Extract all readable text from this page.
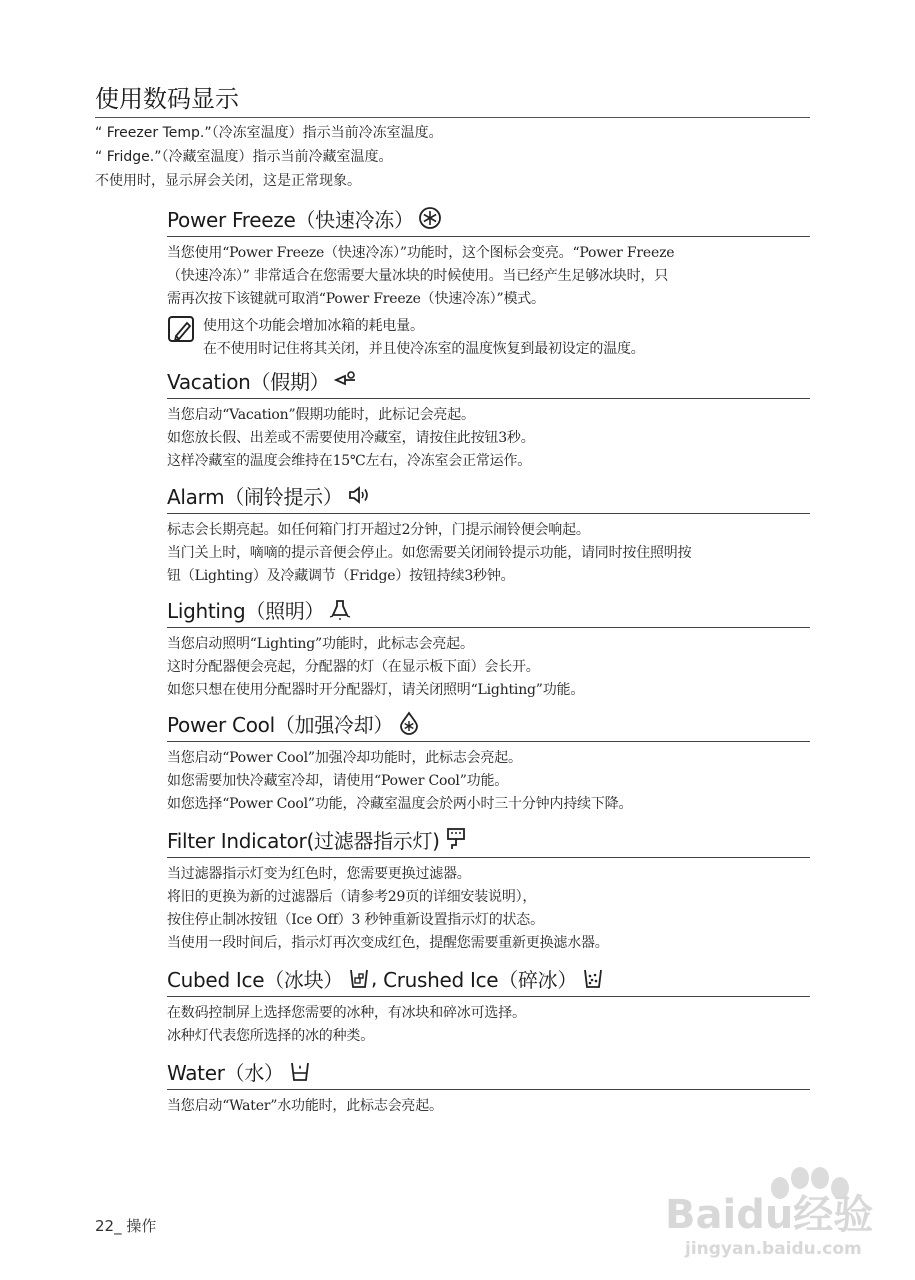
使用数码显示
“ Freezer Temp.”（冷冻室温度）指示当前冷冻室温度。
“ Fridge.”（冷藏室温度）指示当前冷藏室温度。
不使用时，显示屏会关闭，这是正常现象。
Power Freeze（快速冷冻）
当您使用“Power Freeze（快速冷冻）”功能时，这个图标会变亮。“Power Freeze
（快速冷冻）” 非常适合在您需要大量冰块的时候使用。当已经产生足够冰块时，只
需再次按下该键就可取消“Power Freeze（快速冷冻）”模式。
使用这个功能会增加冰箱的耗电量。
在不使用时记住将其关闭，并且使冷冻室的温度恢复到最初设定的温度。
Vacation（假期）
当您启动“Vacation”假期功能时，此标记会亮起。
如您放长假、出差或不需要使用冷藏室，请按住此按钮3秒。
这样冷藏室的温度会维持在15℃左右，冷冻室会正常运作。
Alarm（闹铃提示）
标志会长期亮起。如任何箱门打开超过2分钟，门提示闹铃便会响起。
当门关上时，嘀嘀的提示音便会停止。如您需要关闭闹铃提示功能，请同时按住照明按
钮（Lighting）及冷藏调节（Fridge）按钮持续3秒钟。
Lighting（照明）
当您启动照明“Lighting”功能时，此标志会亮起。
这时分配器便会亮起，分配器的灯（在显示板下面）会长开。
如您只想在使用分配器时开分配器灯，请关闭照明“Lighting”功能。
Power Cool（加强冷却）
当您启动“Power Cool”加强冷却功能时，此标志会亮起。
如您需要加快冷藏室冷却，请使用“Power Cool”功能。
如您选择“Power Cool”功能，冷藏室温度会於两小时三十分钟内持续下降。
Filter Indicator(过滤器指示灯)
当过滤器指示灯变为红色时，您需要更换过滤器。
将旧的更换为新的过滤器后（请参考29页的详细安装说明），
按住停止制冰按钮（Ice Off）3 秒钟重新设置指示灯的状态。
当使用一段时间后，指示灯再次变成红色，提醒您需要重新更换滤水器。
Cubed Ice（冰块） , Crushed Ice（碎冰）
在数码控制屏上选择您需要的冰种，有冰块和碎冰可选择。
冰种灯代表您所选择的冰的种类。
Water（水）
当您启动“Water”水功能时，此标志会亮起。
22_ 操作	Baidu经验
jingyan.baidu.com
